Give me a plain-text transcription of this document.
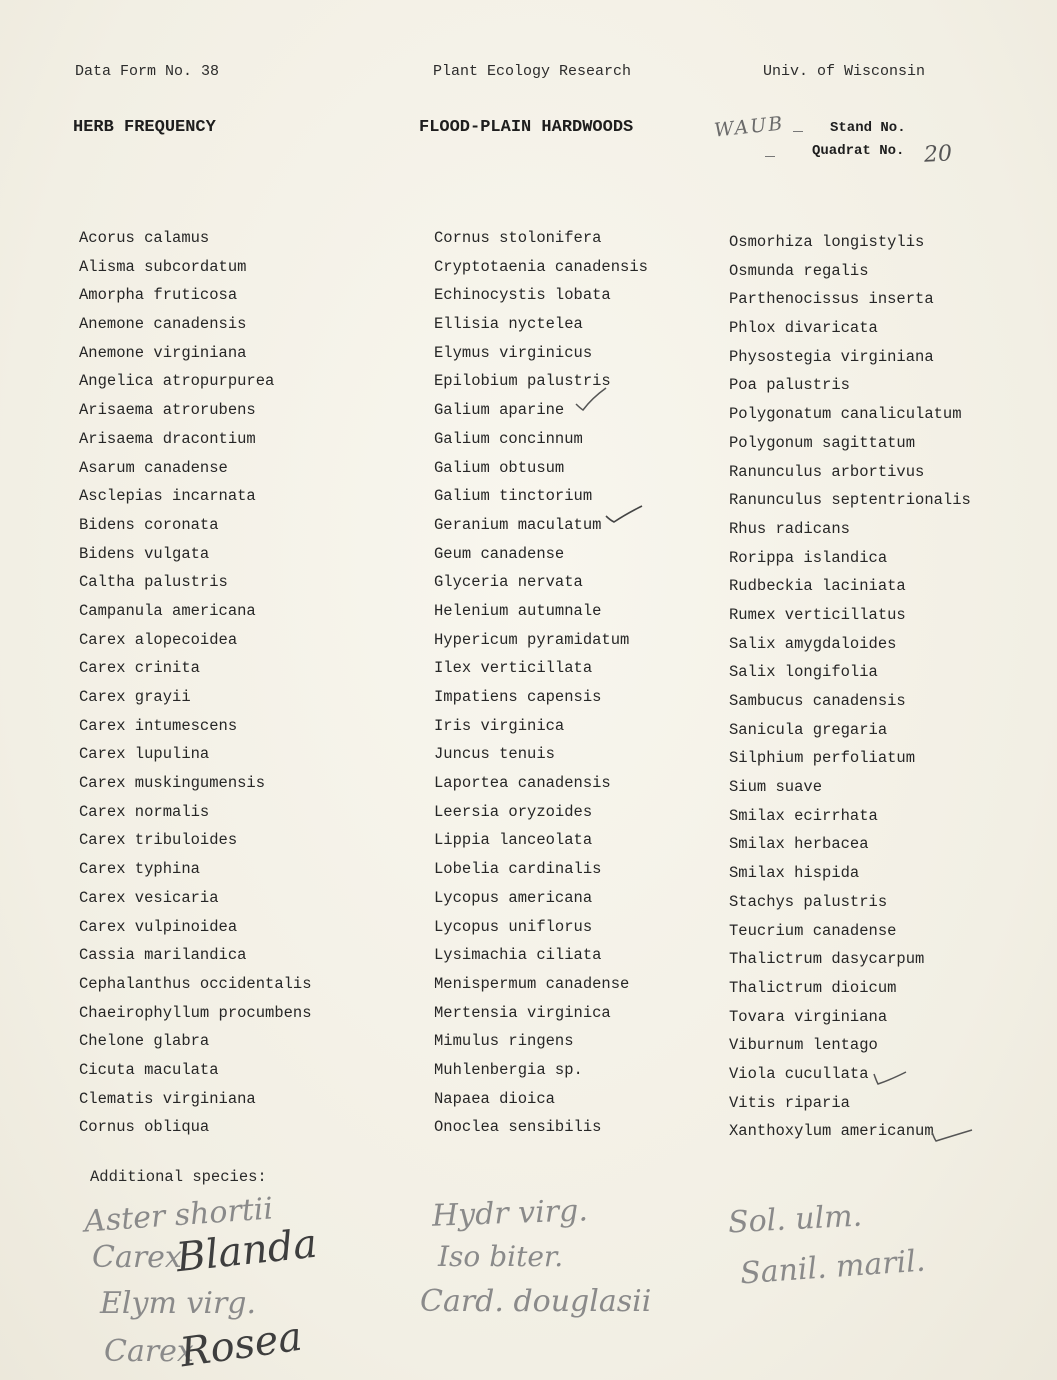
Data Form No. 38	Plant Ecology Research	Univ. of Wisconsin
HERB FREQUENCY	FLOOD-PLAIN HARDWOODS	Stand No.
Quadrat No.
WAUB
20
Acorus calamus
Alisma subcordatum
Amorpha fruticosa
Anemone canadensis
Anemone virginiana
Angelica atropurpurea
Arisaema atrorubens
Arisaema dracontium
Asarum canadense
Asclepias incarnata
Bidens coronata
Bidens vulgata
Caltha palustris
Campanula americana
Carex alopecoidea
Carex crinita
Carex grayii
Carex intumescens
Carex lupulina
Carex muskingumensis
Carex normalis
Carex tribuloides
Carex typhina
Carex vesicaria
Carex vulpinoidea
Cassia marilandica
Cephalanthus occidentalis
Chaeirophyllum procumbens
Chelone glabra
Cicuta maculata
Clematis virginiana
Cornus obliqua
Cornus stolonifera
Cryptotaenia canadensis
Echinocystis lobata
Ellisia nyctelea
Elymus virginicus
Epilobium palustris
Galium aparine
Galium concinnum
Galium obtusum
Galium tinctorium
Geranium maculatum
Geum canadense
Glyceria nervata
Helenium autumnale
Hypericum pyramidatum
Ilex verticillata
Impatiens capensis
Iris virginica
Juncus tenuis
Laportea canadensis
Leersia oryzoides
Lippia lanceolata
Lobelia cardinalis
Lycopus americana
Lycopus uniflorus
Lysimachia ciliata
Menispermum canadense
Mertensia virginica
Mimulus ringens
Muhlenbergia sp.
Napaea dioica
Onoclea sensibilis
Osmorhiza longistylis
Osmunda regalis
Parthenocissus inserta
Phlox divaricata
Physostegia virginiana
Poa palustris
Polygonatum canaliculatum
Polygonum sagittatum
Ranunculus arbortivus
Ranunculus septentrionalis
Rhus radicans
Rorippa islandica
Rudbeckia laciniata
Rumex verticillatus
Salix amygdaloides
Salix longifolia
Sambucus canadensis
Sanicula gregaria
Silphium perfoliatum
Sium suave
Smilax ecirrhata
Smilax herbacea
Smilax hispida
Stachys palustris
Teucrium canadense
Thalictrum dasycarpum
Thalictrum dioicum
Tovara virginiana
Viburnum lentago
Viola cucullata
Vitis riparia
Xanthoxylum americanum
Additional species:
Aster shortii
Carex
Elym virg.
Carex
Hydr virg.
Iso biter.
Card. douglasii
Sol. ulm.
Sanil. maril.
Blanda
Rosea
